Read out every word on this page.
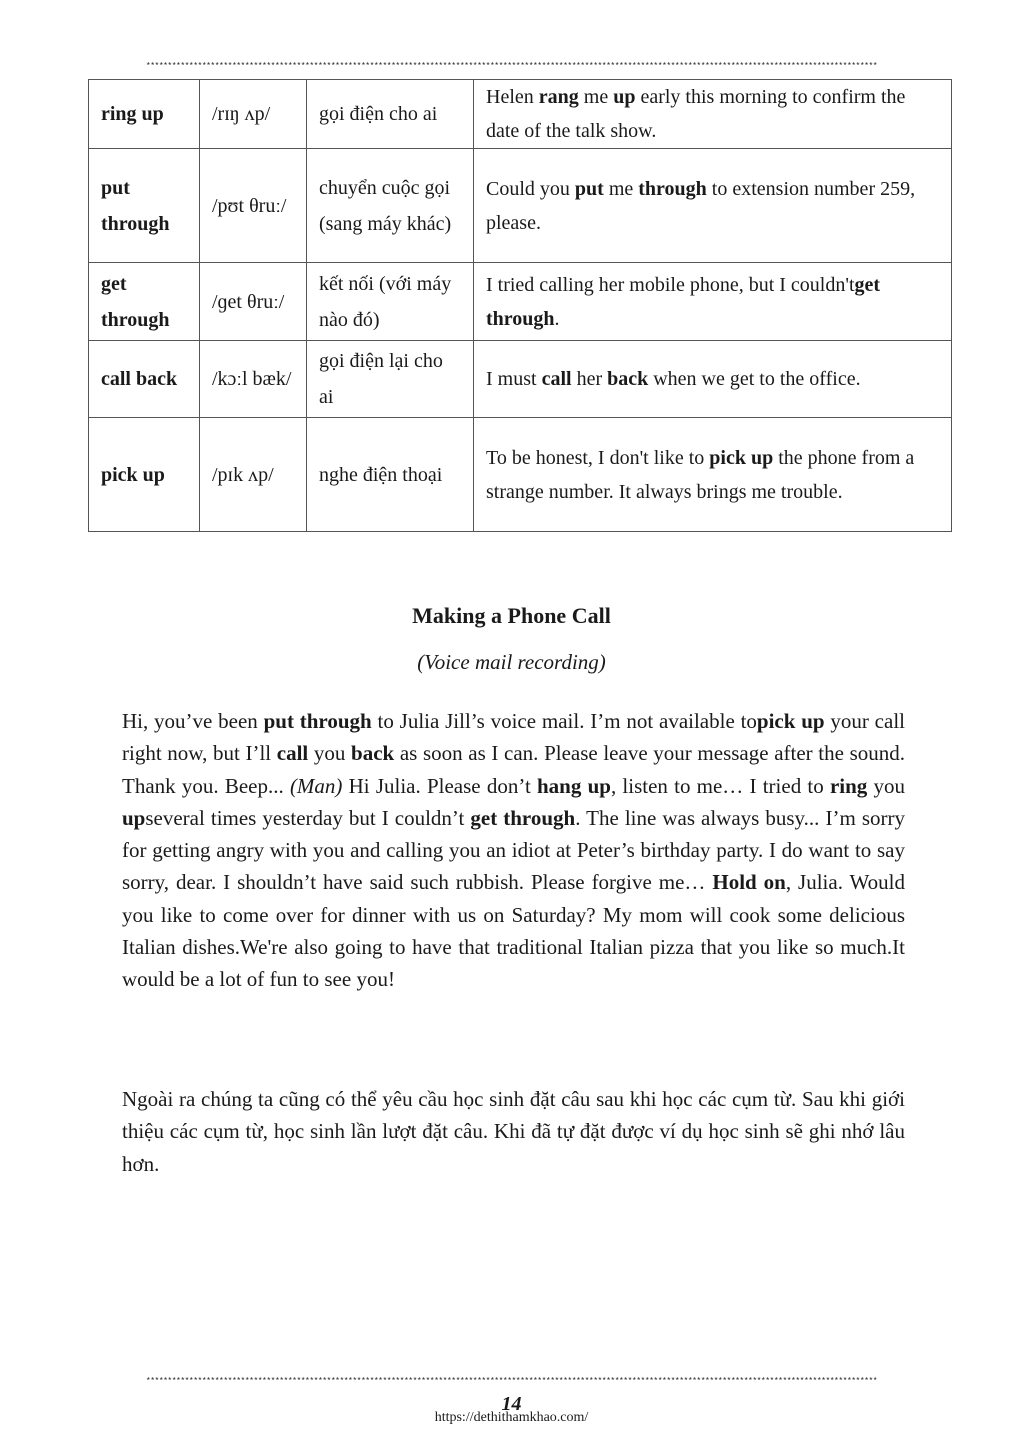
**************************************************************************************************************************************************************************
ring up	/rɪŋ ʌp/	gọi điện cho ai	Helen rang me up early this morning to confirm the date of the talk show.
put through	/pʊt θruː/	chuyển cuộc gọi (sang máy khác)	Could you put me through to extension number 259, please.
get through	/ɡet θruː/	kết nối (với máy nào đó)	I tried calling her mobile phone, but I couldn'tget through.
call back	/kɔːl bæk/	gọi điện lại cho ai	I must call her back when we get to the office.
pick up	/pɪk ʌp/	nghe điện thoại	To be honest, I don't like to pick up the phone from a strange number. It always brings me trouble.
Making a Phone Call
(Voice mail recording)
Hi, you’ve been put through to Julia Jill’s voice mail. I’m not available topick up your call right now, but I’ll call you back as soon as I can. Please leave your message after the sound. Thank you. Beep... (Man) Hi Julia. Please don’t hang up, listen to me… I tried to ring you upseveral times yesterday but I couldn’t get through. The line was always busy... I’m sorry for getting angry with you and calling you an idiot at Peter’s birthday party. I do want to say sorry, dear. I shouldn’t have said such rubbish. Please forgive me… Hold on, Julia. Would you like to come over for dinner with us on Saturday? My mom will cook some delicious Italian dishes.We're also going to have that traditional Italian pizza that you like so much.It would be a lot of fun to see you!
Ngoài ra chúng ta cũng có thể yêu cầu học sinh đặt câu sau khi học các cụm từ. Sau khi giới thiệu các cụm từ, học sinh lần lượt đặt câu. Khi đã tự đặt được ví dụ học sinh sẽ ghi nhớ lâu hơn.
**************************************************************************************************************************************************************************
14
https://dethithamkhao.com/
